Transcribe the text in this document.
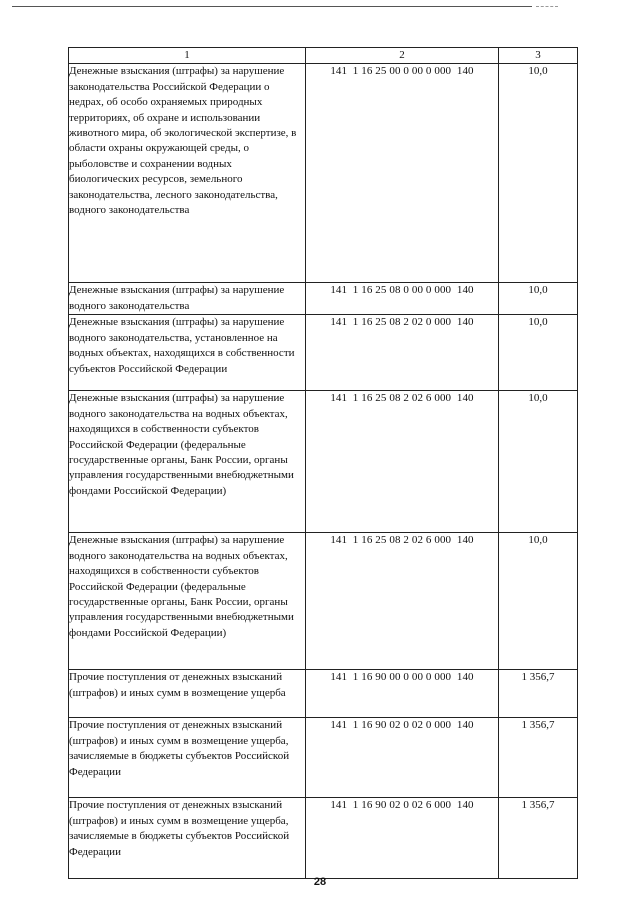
1	2	3
Денежные взыскания (штрафы) за нарушение законодательства Российской Федерации о недрах, об особо охраняемых природных территориях, об охране и использовании животного мира, об экологической экспертизе, в области охраны окружающей среды, о рыболовстве и сохранении водных биологических ресурсов, земельного законодательства, лесного законодательства, водного законодательства	141  1 16 25 00 0 00 0 000  140	10,0
Денежные взыскания (штрафы) за нарушение водного законодательства	141  1 16 25 08 0 00 0 000  140	10,0
Денежные взыскания (штрафы) за нарушение водного законодательства, установленное на водных объектах, находящихся в собственности субъектов Российской Федерации	141  1 16 25 08 2 02 0 000  140	10,0
Денежные взыскания (штрафы) за нарушение водного законодательства на водных объектах, находящихся в собственности субъектов Российской Федерации (федеральные государственные органы, Банк России, органы управления государственными внебюджетными фондами Российской Федерации)	141  1 16 25 08 2 02 6 000  140	10,0
Денежные взыскания (штрафы) за нарушение водного законодательства на водных объектах, находящихся в собственности субъектов Российской Федерации (федеральные государственные органы, Банк России, органы управления государственными внебюджетными фондами Российской Федерации)	141  1 16 25 08 2 02 6 000  140	10,0
Прочие поступления от денежных взысканий (штрафов) и иных сумм в возмещение ущерба	141  1 16 90 00 0 00 0 000  140	1 356,7
Прочие поступления от денежных взысканий (штрафов) и иных сумм в возмещение ущерба, зачисляемые в бюджеты субъектов Российской Федерации	141  1 16 90 02 0 02 0 000  140	1 356,7
Прочие поступления от денежных взысканий (штрафов) и иных сумм в возмещение ущерба, зачисляемые в бюджеты субъектов Российской Федерации	141  1 16 90 02 0 02 6 000  140	1 356,7
28
